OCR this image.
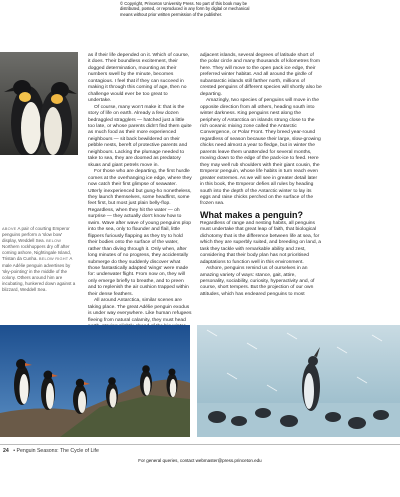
© Copyright, Princeton University Press. No part of this book may be
distributed, posted, or reproduced in any form by digital or mechanical
means without prior written permission of the publisher.
ABOVE A pair of courting Emperor penguins perform a 'slow bow' display, Weddell Sea. BELOW Northern rockhoppers dry off after coming ashore, Nightingale Island, Tristan da Cunha. BELOW RIGHT A male Adélie penguin advertises by 'sky-pointing' in the middle of the colony. Others around him are incubating, hunkered down against a blizzard, Weddell Sea.

as if their life depended on it. Which of course, it does. Their boundless excitement, their dogged determination, mounting as their numbers swell by the minute, becomes contagious. I feel that if they can succeed in making it through this coming of age, then no challenge would ever be too great to undertake.

Of course, many won't make it: that is the story of life on earth. Already a few dozen bedraggled stragglers — hatched just a little too late, or whose parents didn't find them quite as much food as their more experienced neighbours — sit back bewildered on their pebble nests, bereft of protective parents and neighbours. Lacking the plumage needed to take to sea, they are doomed as predatory skuas and giant petrels move in.

For those who are departing, the first hurdle comes at the overhanging ice edge, where they now catch their first glimpse of seawater. Utterly inexperienced but gung-ho nonetheless, they launch themselves, some headfirst, some feet first, but most just plain belly-flop. Regardless, when they hit the water — oh surprise — they actually don't know how to swim. Wave after wave of young penguins plop into the sea, only to flounder and flail, little flippers furiously flapping as they try to hold their bodies onto the surface of the water, rather than diving through it. Only when, after long minutes of no progress, they accidentally submerge do they suddenly discover what those fantastically adapted 'wings' were made for: underwater flight. From now on, they will only emerge briefly to breathe, and to preen and to replenish the air cushion trapped within their dense feathers.

All around Antarctica, similar scenes are taking place. The great Adélie penguin exodus is under way everywhere. Like human refugees fleeing from natural calamity, they must head

adjacent islands, several degrees of latitude short of the polar circle and many thousands of kilometres from here. They will move to the open pack ice edge, their preferred winter habitat. And all around the girdle of subantarctic islands still farther north, millions of crested penguins of different species will shortly also be departing.

Amazingly, two species of penguins will move in the opposite direction from all others, heading south into winter darkness. King penguins nest along the periphery of Antarctica on islands strung close to the rich oceanic mixing zone called the Antarctic Convergence, or Polar Front. They breed year-round regardless of season because their large, slow-growing chicks need almost a year to fledge, but in winter the parents leave them unattended for several months, moving down to the edge of the pack-ice to feed. Here they may well rub shoulders with their giant cousin, the Emperor penguin, whose life habits in turn reach even greater extremes. As we will see in greater detail later in this book, the Emperor defies all rules by heading south into the depth of the Antarctic winter to lay its eggs and raise chicks perched on the surface of the frozen sea.

What makes a penguin?

Regardless of range and nesting habits, all penguins must undertake that great leap of faith, that biological dichotomy that is the difference between life at sea, for which they are superbly suited, and breeding on land, a task they tackle with remarkable ability and zest, considering that their body plan has not prioritised adaptations to function well in this environment.

Ashore, penguins remind us of ourselves in an amazing variety of ways: stance, gait, attire, personality, sociability, curiosity, hyperactivity and, of course, short tempers. But the projection of our own attitudes, which has endeared penguins to most

24 • Penguin Seasons: The Cycle of Life
For general queries, contact webmaster@press.princeton.edu
